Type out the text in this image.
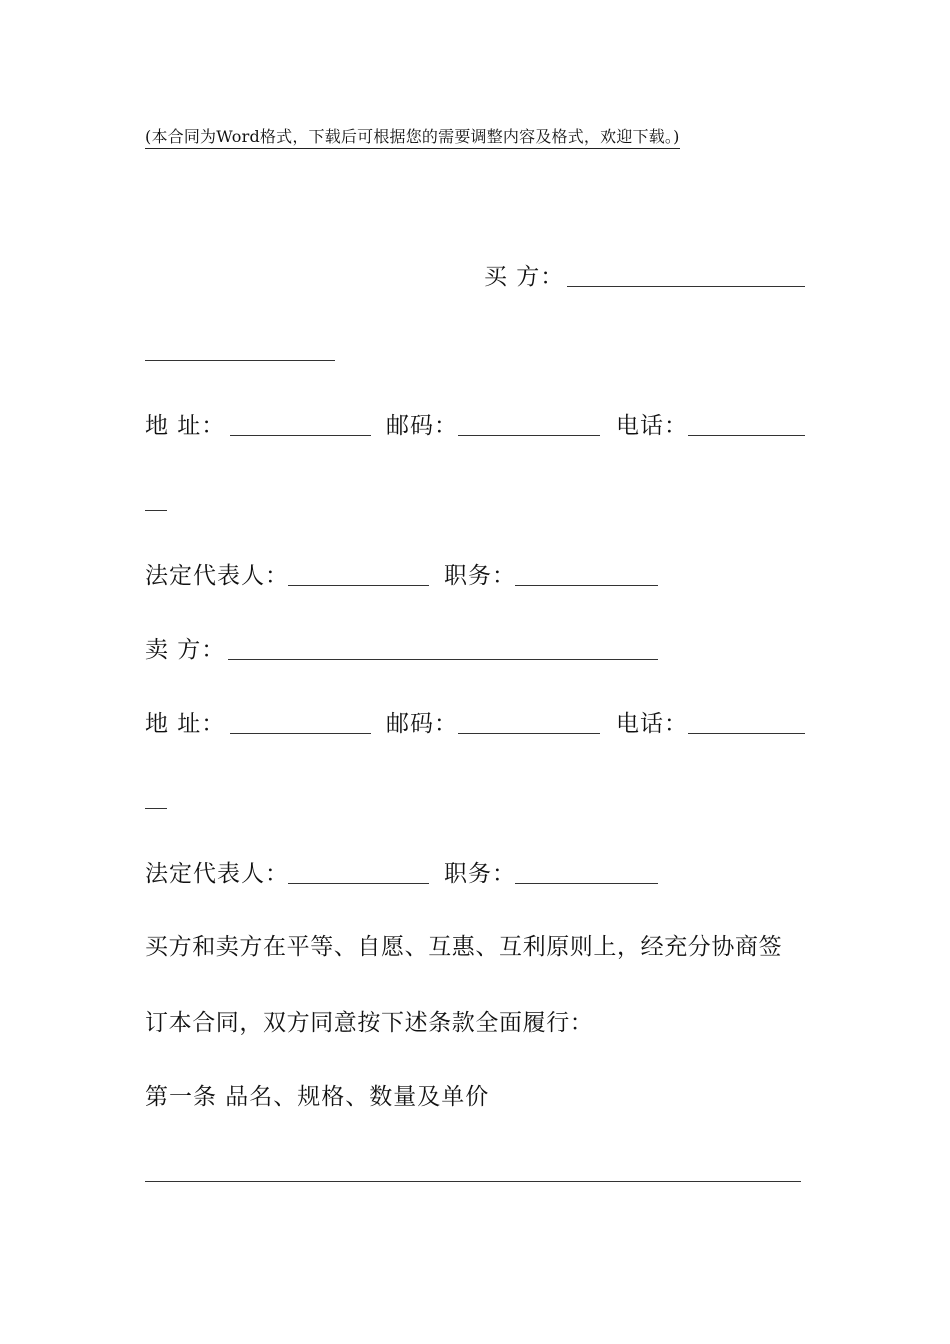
(本合同为Word格式，下载后可根据您的需要调整内容及格式，欢迎下载。)
买 方：
地 址：	邮码：	电话：
法定代表人：	职务：
卖 方：
地 址：	邮码：	电话：
法定代表人：	职务：
买方和卖方在平等、自愿、互惠、互利原则上，经充分协商签
订本合同，双方同意按下述条款全面履行：
第一条 品名、规格、数量及单价
